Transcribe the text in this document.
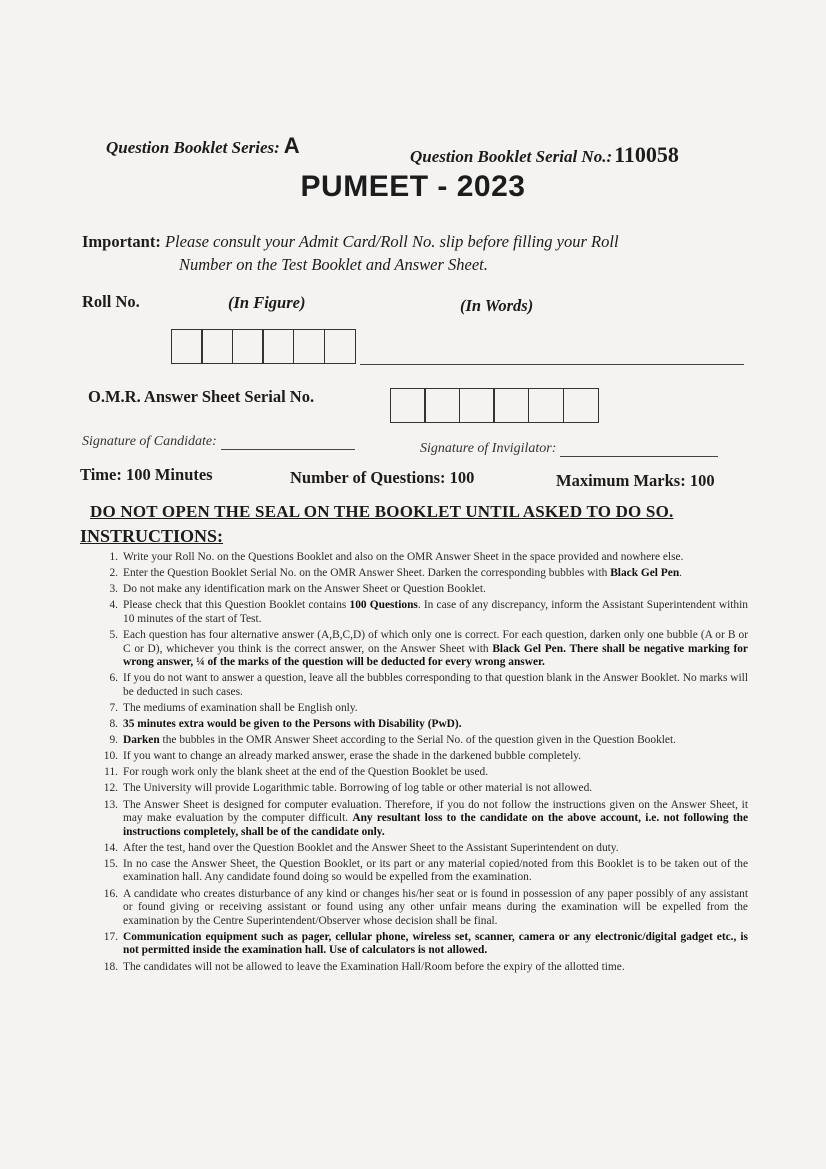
Question Booklet Series: A	Question Booklet Serial No.:110058
PUMEET - 2023
Important: Please consult your Admit Card/Roll No. slip before filling your Roll
Number on the Test Booklet and Answer Sheet.
Roll No.	(In Figure)	(In Words)
O.M.R. Answer Sheet Serial No.
Signature of Candidate:	Signature of Invigilator:
Time: 100 Minutes	Number of Questions: 100	Maximum Marks: 100
DO NOT OPEN THE SEAL ON THE BOOKLET UNTIL ASKED TO DO SO.
INSTRUCTIONS:
1. Write your Roll No. on the Questions Booklet and also on the OMR Answer Sheet in the space provided and nowhere else.
2. Enter the Question Booklet Serial No. on the OMR Answer Sheet. Darken the corresponding bubbles with Black Gel Pen.
3. Do not make any identification mark on the Answer Sheet or Question Booklet.
4. Please check that this Question Booklet contains 100 Questions. In case of any discrepancy, inform the Assistant Superintendent within 10 minutes of the start of Test.
5. Each question has four alternative answer (A,B,C,D) of which only one is correct. For each question, darken only one bubble (A or B or C or D), whichever you think is the correct answer, on the Answer Sheet with Black Gel Pen. There shall be negative marking for wrong answer, ¼ of the marks of the question will be deducted for every wrong answer.
6. If you do not want to answer a question, leave all the bubbles corresponding to that question blank in the Answer Booklet. No marks will be deducted in such cases.
7. The mediums of examination shall be English only.
8. 35 minutes extra would be given to the Persons with Disability (PwD).
9. Darken the bubbles in the OMR Answer Sheet according to the Serial No. of the question given in the Question Booklet.
10. If you want to change an already marked answer, erase the shade in the darkened bubble completely.
11. For rough work only the blank sheet at the end of the Question Booklet be used.
12. The University will provide Logarithmic table. Borrowing of log table or other material is not allowed.
13. The Answer Sheet is designed for computer evaluation. Therefore, if you do not follow the instructions given on the Answer Sheet, it may make evaluation by the computer difficult. Any resultant loss to the candidate on the above account, i.e. not following the instructions completely, shall be of the candidate only.
14. After the test, hand over the Question Booklet and the Answer Sheet to the Assistant Superintendent on duty.
15. In no case the Answer Sheet, the Question Booklet, or its part or any material copied/noted from this Booklet is to be taken out of the examination hall. Any candidate found doing so would be expelled from the examination.
16. A candidate who creates disturbance of any kind or changes his/her seat or is found in possession of any paper possibly of any assistant or found giving or receiving assistant or found using any other unfair means during the examination will be expelled from the examination by the Centre Superintendent/Observer whose decision shall be final.
17. Communication equipment such as pager, cellular phone, wireless set, scanner, camera or any electronic/digital gadget etc., is not permitted inside the examination hall. Use of calculators is not allowed.
18. The candidates will not be allowed to leave the Examination Hall/Room before the expiry of the allotted time.
